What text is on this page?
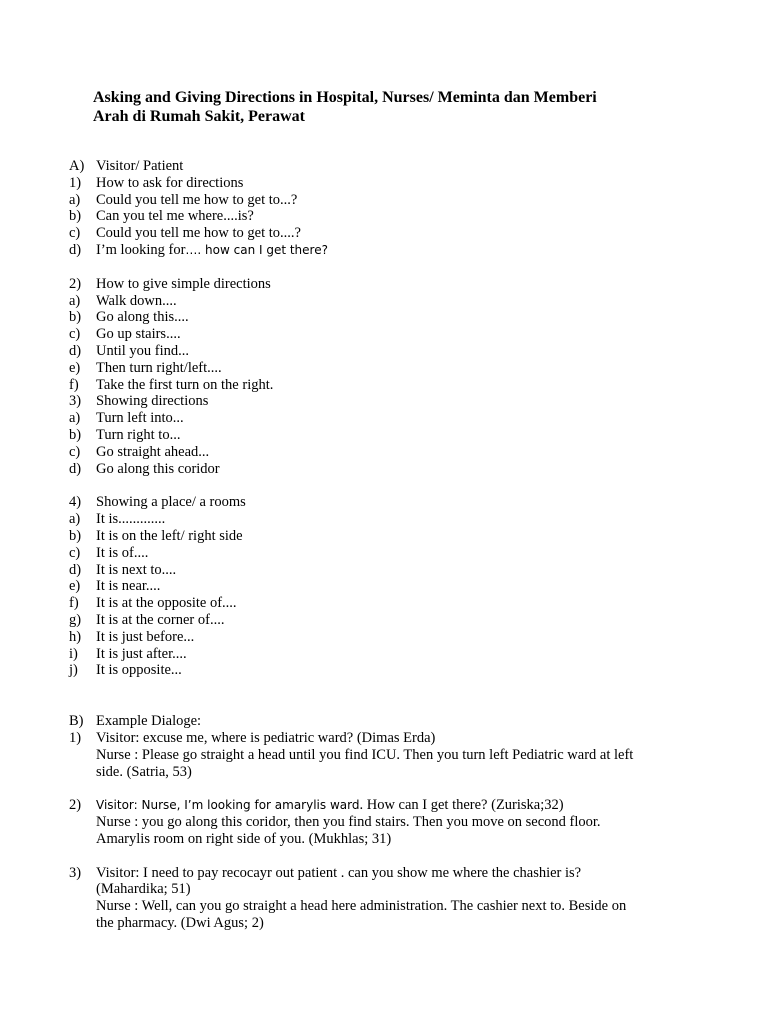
Asking and Giving Directions in Hospital, Nurses/ Meminta dan Memberi
Arah di Rumah Sakit, Perawat
A) Visitor/ Patient
1) How to ask for directions
a) Could you tell me how to get to...?
b) Can you tel me where....is?
c) Could you tell me how to get to....?
d) I’m looking for…. how can I get there?
2) How to give simple directions
a) Walk down....
b) Go along this....
c) Go up stairs....
d) Until you find...
e) Then turn right/left....
f) Take the first turn on the right.
3) Showing directions
a) Turn left into...
b) Turn right to...
c) Go straight ahead...
d) Go along this coridor
4) Showing a place/ a rooms
a) It is.............
b) It is on the left/ right side
c) It is of....
d) It is next to....
e) It is near....
f) It is at the opposite of....
g) It is at the corner of....
h) It is just before...
i) It is just after....
j) It is opposite...
B) Example Dialoge:
1) Visitor: excuse me, where is pediatric ward? (Dimas Erda)
Nurse : Please go straight a head until you find ICU. Then you turn left Pediatric ward at left
side. (Satria, 53)
2) Visitor: Nurse, I’m looking for amarylis ward. How can I get there? (Zuriska;32)
Nurse : you go along this coridor, then you find stairs. Then you move on second floor.
Amarylis room on right side of you. (Mukhlas; 31)
3) Visitor: I need to pay recocayr out patient . can you show me where the chashier is?
(Mahardika; 51)
Nurse : Well, can you go straight a head here administration. The cashier next to. Beside on
the pharmacy. (Dwi Agus; 2)
